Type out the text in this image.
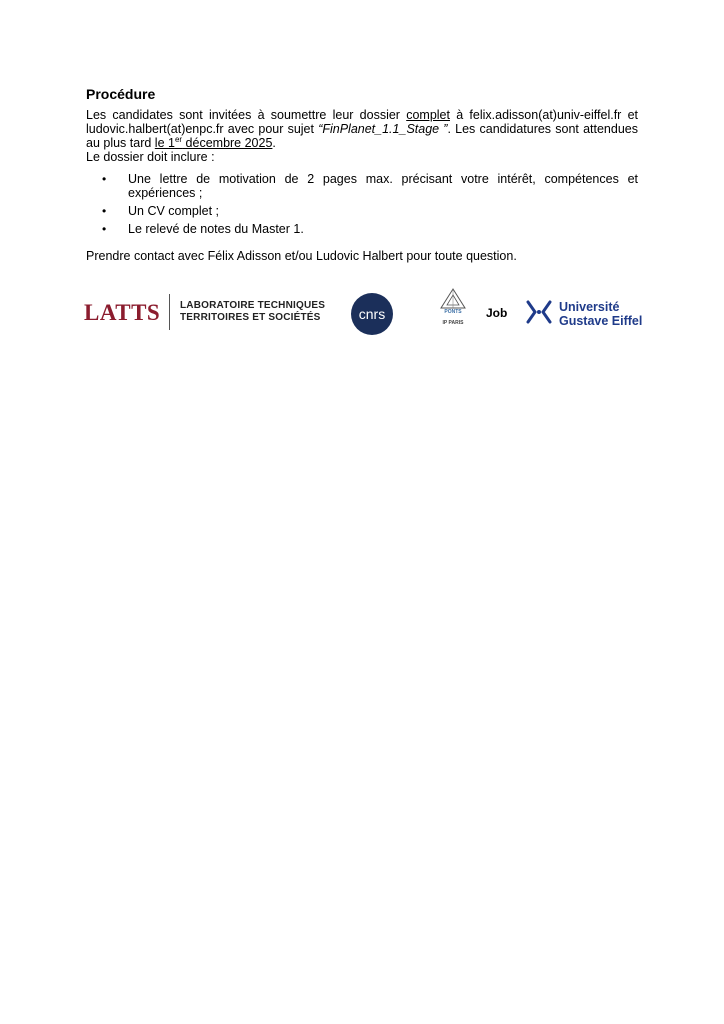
Procédure

Les candidates sont invitées à soumettre leur dossier complet à felix.adisson(at)univ-eiffel.fr et ludovic.halbert(at)enpc.fr avec pour sujet “FinPlanet_1.1_Stage ”. Les candidatures sont attendues au plus tard le 1er décembre 2025.

Le dossier doit inclure :

• Une lettre de motivation de 2 pages max. précisant votre intérêt, compétences et expériences ;
• Un CV complet ;
• Le relevé de notes du Master 1.

Prendre contact avec Félix Adisson et/ou Ludovic Halbert pour toute question.

LATTS LABORATOIRE TECHNIQUES
TERRITOIRES ET SOCIÉTÉS	cnrs	PONTS
IP PARIS
Job	Université
Gustave Eiffel
